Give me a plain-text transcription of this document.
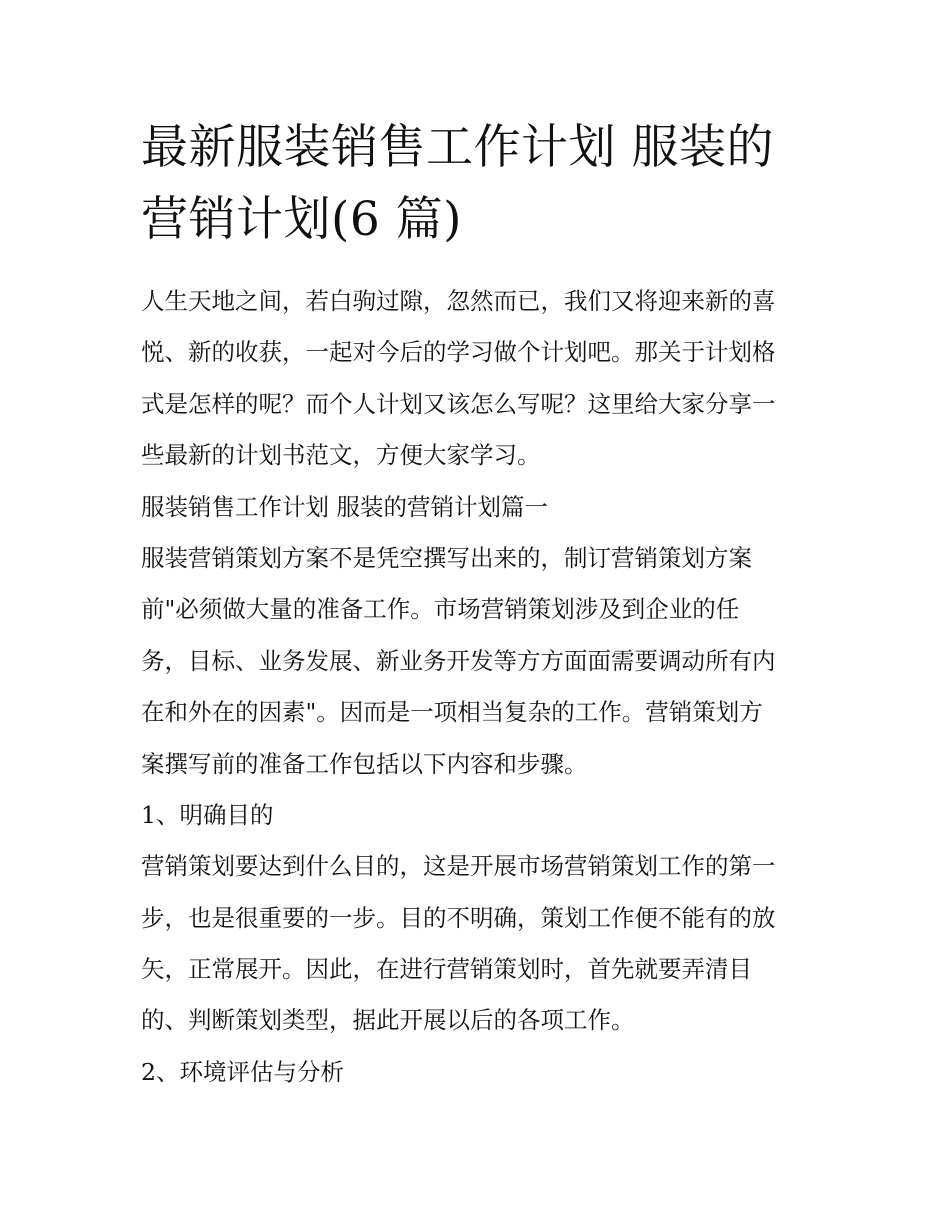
最新服装销售工作计划 服装的
营销计划(6 篇)
人生天地之间，若白驹过隙，忽然而已，我们又将迎来新的喜
悦、新的收获，一起对今后的学习做个计划吧。那关于计划格
式是怎样的呢？而个人计划又该怎么写呢？这里给大家分享一
些最新的计划书范文，方便大家学习。
服装销售工作计划 服装的营销计划篇一
服装营销策划方案不是凭空撰写出来的，制订营销策划方案
前"必须做大量的准备工作。市场营销策划涉及到企业的任
务，目标、业务发展、新业务开发等方方面面需要调动所有内
在和外在的因素"。因而是一项相当复杂的工作。营销策划方
案撰写前的准备工作包括以下内容和步骤。
1、明确目的
营销策划要达到什么目的，这是开展市场营销策划工作的第一
步，也是很重要的一步。目的不明确，策划工作便不能有的放
矢，正常展开。因此，在进行营销策划时，首先就要弄清目
的、判断策划类型，据此开展以后的各项工作。
2、环境评估与分析
